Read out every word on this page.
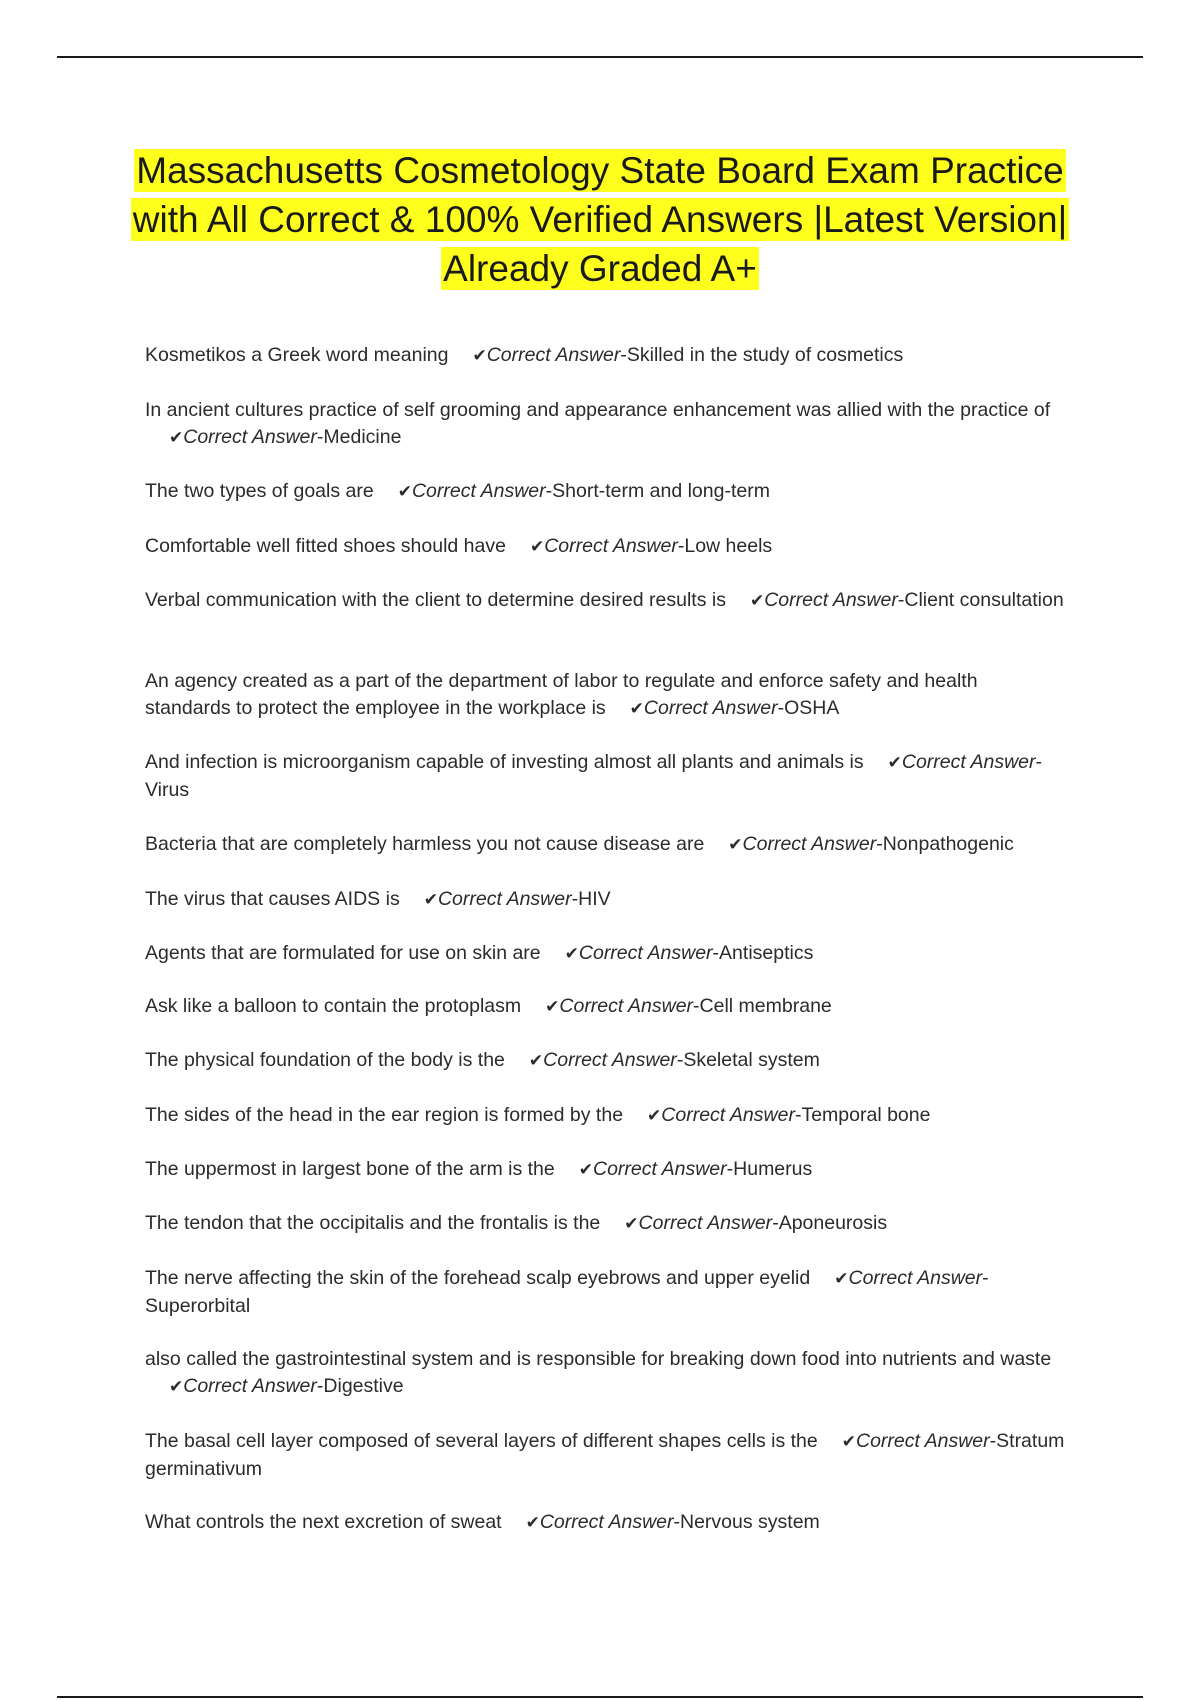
Massachusetts Cosmetology State Board Exam Practice with All Correct & 100% Verified Answers |Latest Version| Already Graded A+
Kosmetikos a Greek word meaning ✔Correct Answer-Skilled in the study of cosmetics
In ancient cultures practice of self grooming and appearance enhancement was allied with the practice of✔Correct Answer-Medicine
The two types of goals are ✔Correct Answer-Short-term and long-term
Comfortable well fitted shoes should have ✔Correct Answer-Low heels
Verbal communication with the client to determine desired results is ✔Correct Answer-Client consultation
An agency created as a part of the department of labor to regulate and enforce safety and health standards to protect the employee in the workplace is ✔Correct Answer-OSHA
And infection is microorganism capable of investing almost all plants and animals is ✔Correct Answer-Virus
Bacteria that are completely harmless you not cause disease are ✔Correct Answer-Nonpathogenic
The virus that causes AIDS is ✔Correct Answer-HIV
Agents that are formulated for use on skin are ✔Correct Answer-Antiseptics
Ask like a balloon to contain the protoplasm ✔Correct Answer-Cell membrane
The physical foundation of the body is the ✔Correct Answer-Skeletal system
The sides of the head in the ear region is formed by the ✔Correct Answer-Temporal bone
The uppermost in largest bone of the arm is the ✔Correct Answer-Humerus
The tendon that the occipitalis and the frontalis is the ✔Correct Answer-Aponeurosis
The nerve affecting the skin of the forehead scalp eyebrows and upper eyelid ✔Correct Answer-Superorbital
also called the gastrointestinal system and is responsible for breaking down food into nutrients and waste✔Correct Answer-Digestive
The basal cell layer composed of several layers of different shapes cells is the ✔Correct Answer-Stratum germinativum
What controls the next excretion of sweat ✔Correct Answer-Nervous system
